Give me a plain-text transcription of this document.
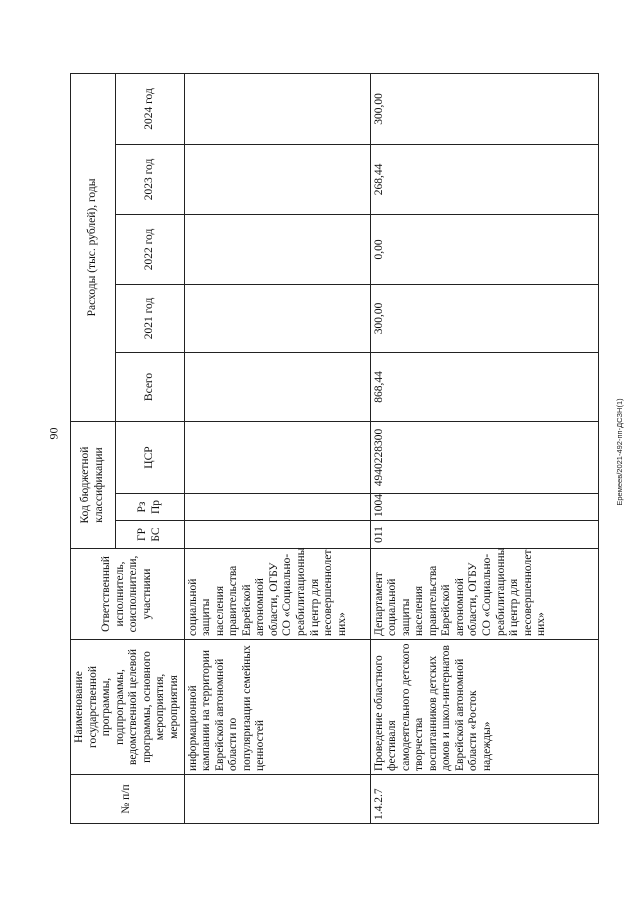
90	Еремеев/2021-492-пп-ДСЗН(1)
№ п/п	Наименование государственной программы, подпрограммы, ведомственной целевой программы, основного мероприятия, мероприятия	Ответственный исполнитель, соисполнители, участники	Код бюджетной классификации			Расходы (тыс. рублей), годы				
			ГР БС	Рз Пр	ЦСР	Всего	2021 год	2022 год	2023 год	2024 год
	информационной кампании на территории Еврейской автономной области по популяризации семейных ценностей	социальной защиты населения правительства Еврейской автономной области, ОГБУ СО «Социально-реабилитационны й центр для несовершеннолет них»								
1.4.2.7	Проведение областного фестиваля самодеятельного детского творчества воспитанников детских домов и школ-интернатов Еврейской автономной области «Росток надежды»	Департамент социальной защиты населения правительства Еврейской автономной области, ОГБУ СО «Социально-реабилитационны й центр для несовершеннолет них»	011	1004	4940228300	868,44	300,00	0,00	268,44	300,00
